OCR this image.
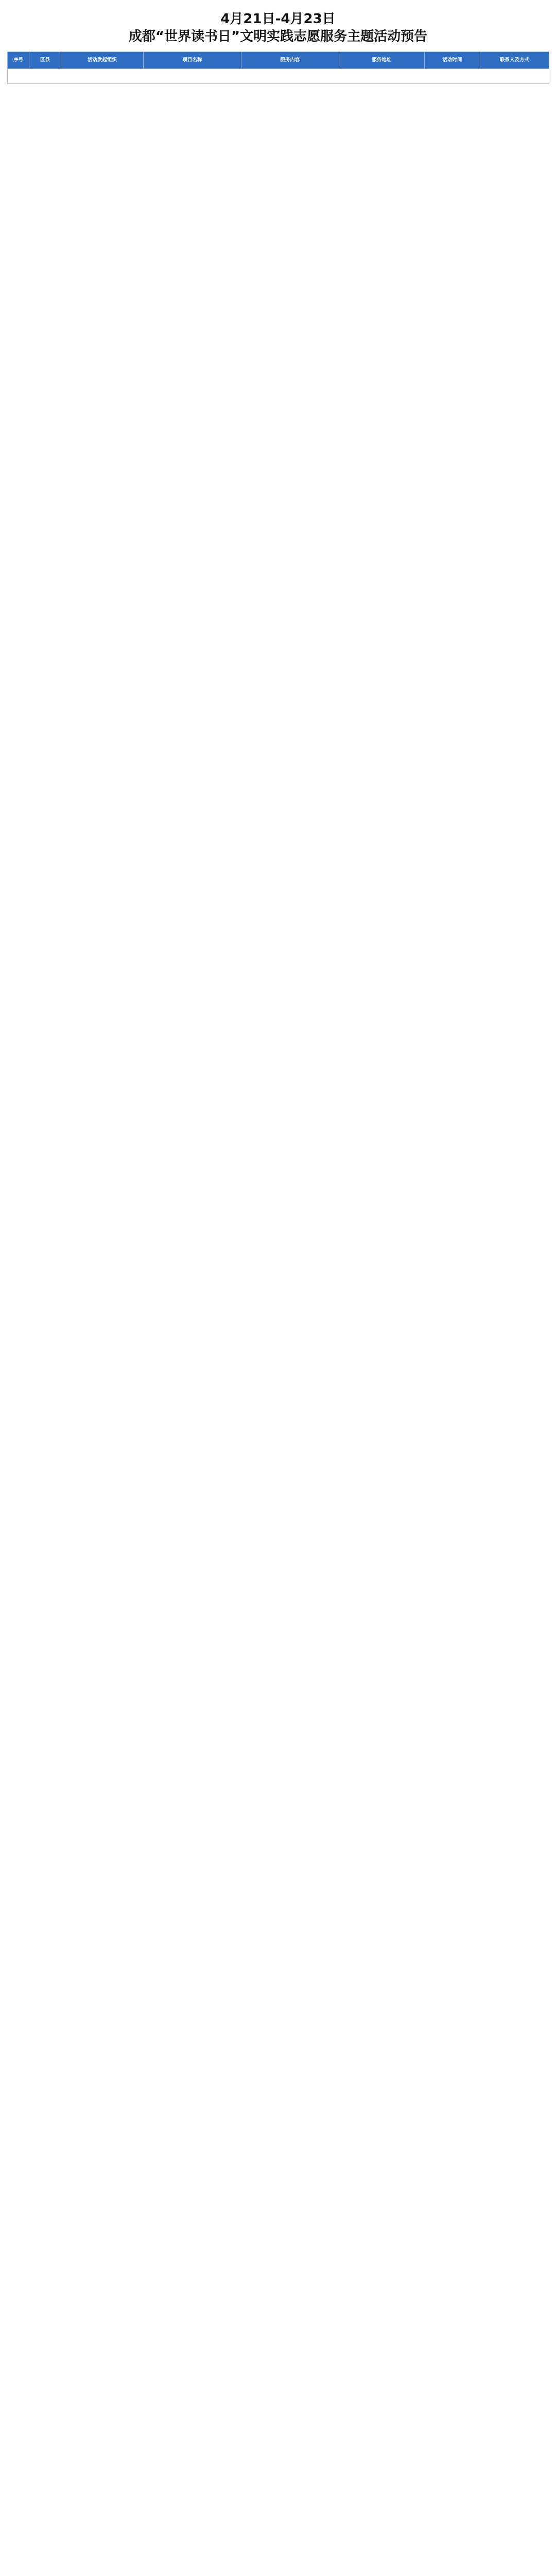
4月21日-4月23日
成都“世界读书日”文明实践志愿服务主题活动预告
序号	区县	活动发起组织	项目名称	服务内容	服务地址	活动时间	联系人及方式
